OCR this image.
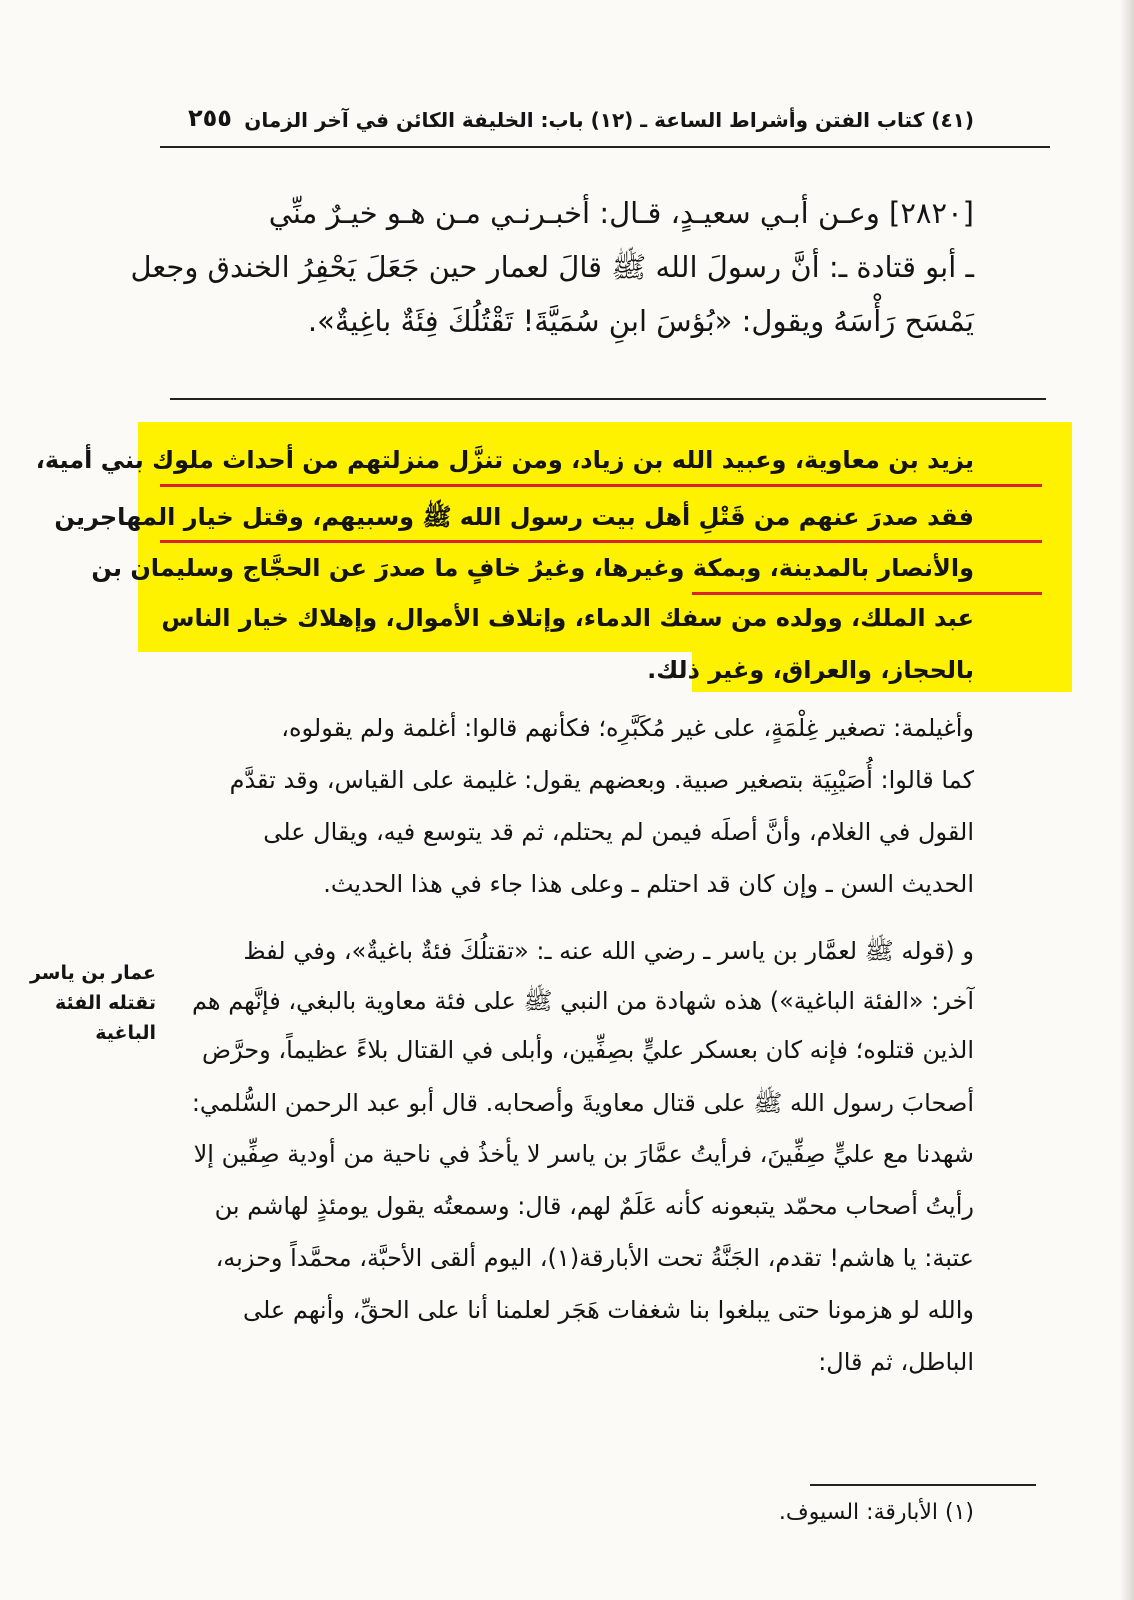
(٤١) كتاب الفتن وأشراط الساعة ـ (١٢) باب: الخليفة الكائن في آخر الزمان
٢٥٥
[٢٨٢٠] وعـن أبـي سعيـدٍ، قـال: أخبـرنـي مـن هـو خيـرٌ منِّي
ـ أبو قتادة ـ: أنَّ رسولَ الله ﷺ قالَ لعمار حين جَعَلَ يَحْفِرُ الخندق وجعل
يَمْسَح رَأْسَهُ ويقول: «بُؤسَ ابنِ سُمَيَّةَ! تَقْتُلُكَ فِئَةٌ باغِيةٌ».
يزيد بن معاوية، وعبيد الله بن زياد، ومن تنزَّل منزلتهم من أحداث ملوك بني أمية،
فقد صدرَ عنهم من قَتْلِ أهل بيت رسول الله ﷺ وسبيهم، وقتل خيار المهاجرين
والأنصار بالمدينة، وبمكة وغيرها، وغيرُ خافٍ ما صدرَ عن الحجَّاج وسليمان بن
عبد الملك، وولده من سفك الدماء، وإتلاف الأموال، وإهلاك خيار الناس
بالحجاز، والعراق، وغير ذلك.
وأغيلمة: تصغير غِلْمَةٍ، على غير مُكَبَّرِه؛ فكأنهم قالوا: أغلمة ولم يقولوه،
كما قالوا: أُصَيْبِيَة بتصغير صبية. وبعضهم يقول: غليمة على القياس، وقد تقدَّم
القول في الغلام، وأنَّ أصلَه فيمن لم يحتلم، ثم قد يتوسع فيه، ويقال على
الحديث السن ـ وإن كان قد احتلم ـ وعلى هذا جاء في هذا الحديث.
و (قوله ﷺ لعمَّار بن ياسر ـ رضي الله عنه ـ: «تقتلُكَ فئةٌ باغيةٌ»، وفي لفظ
آخر: «الفئة الباغية») هذه شهادة من النبي ﷺ على فئة معاوية بالبغي، فإنَّهم هم
الذين قتلوه؛ فإنه كان بعسكر عليٍّ بصِفِّين، وأبلى في القتال بلاءً عظيماً، وحرَّض
أصحابَ رسول الله ﷺ على قتال معاويةَ وأصحابه. قال أبو عبد الرحمن السُّلمي:
شهدنا مع عليٍّ صِفِّينَ، فرأيتُ عمَّارَ بن ياسر لا يأخذُ في ناحية من أودية صِفِّين إلا
رأيتُ أصحاب محمّد يتبعونه كأنه عَلَمٌ لهم، قال: وسمعتُه يقول يومئذٍ لهاشم بن
عتبة: يا هاشم! تقدم، الجَنَّةُ تحت الأبارقة(١)، اليوم ألقى الأحبَّة، محمَّداً وحزبه،
والله لو هزمونا حتى يبلغوا بنا شغفات هَجَر لعلمنا أنا على الحقِّ، وأنهم على
الباطل، ثم قال:
عمار بن ياسر تقتله الفئة الباغية
(١) الأبارقة: السيوف.
